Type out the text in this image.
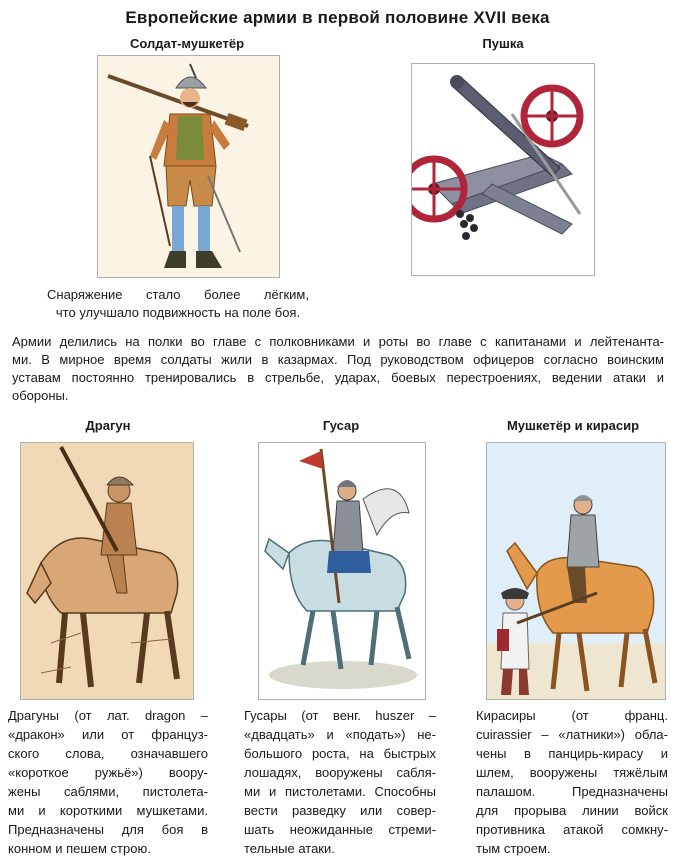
Европейские армии в первой половине XVII века
Солдат-мушкетёр
Снаряжение стало более лёгким,
что улучшало подвижность на поле боя.
Пушка
Армии делились на полки во главе с полковниками и роты во главе с капитанами и лейтенанта-
ми. В мирное время солдаты жили в казармах. Под руководством офицеров согласно воинским
уставам постоянно тренировались в стрельбе, ударах, боевых перестроениях, ведении атаки и
обороны.
Драгун
Драгуны (от лат. dragon –
«дракон» или от француз-
ского слова, означавшего
«короткое ружьё») воору-
жены саблями, пистолета-
ми и короткими мушкетами.
Предназначены для боя в
конном и пешем строю.
Гусар
Гусары (от венг. huszer –
«двадцать» и «подать») не-
большого роста, на быстрых
лошадях, вооружены сабля-
ми и пистолетами. Способны
вести разведку или совер-
шать неожиданные стреми-
тельные атаки.
Мушкетёр и кирасир
Кирасиры (от франц.
cuirassier – «латники») обла-
чены в панцирь-кирасу и
шлем, вооружены тяжёлым
палашом. Предназначены
для прорыва линии войск
противника атакой сомкну-
тым строем.
